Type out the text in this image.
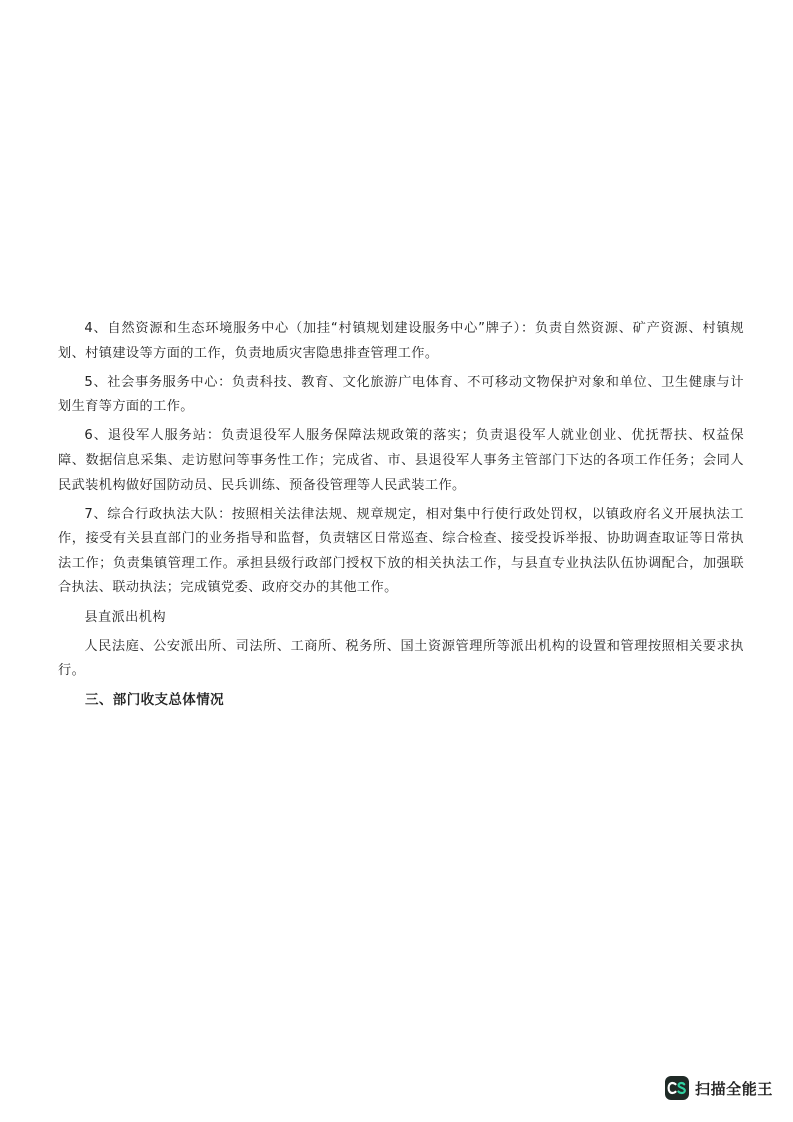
4、自然资源和生态环境服务中心（加挂“村镇规划建设服务中心”牌子）：负责自然资源、矿产资源、村镇规划、村镇建设等方面的工作，负责地质灾害隐患排查管理工作。

5、社会事务服务中心：负责科技、教育、文化旅游广电体育、不可移动文物保护对象和单位、卫生健康与计划生育等方面的工作。

6、退役军人服务站：负责退役军人服务保障法规政策的落实；负责退役军人就业创业、优抚帮扶、权益保障、数据信息采集、走访慰问等事务性工作；完成省、市、县退役军人事务主管部门下达的各项工作任务；会同人民武装机构做好国防动员、民兵训练、预备役管理等人民武装工作。

7、综合行政执法大队：按照相关法律法规、规章规定，相对集中行使行政处罚权，以镇政府名义开展执法工作，接受有关县直部门的业务指导和监督，负责辖区日常巡查、综合检查、接受投诉举报、协助调查取证等日常执法工作；负责集镇管理工作。承担县级行政部门授权下放的相关执法工作，与县直专业执法队伍协调配合，加强联合执法、联动执法；完成镇党委、政府交办的其他工作。

县直派出机构

人民法庭、公安派出所、司法所、工商所、税务所、国土资源管理所等派出机构的设置和管理按照相关要求执行。

三、部门收支总体情况

扫描全能王
